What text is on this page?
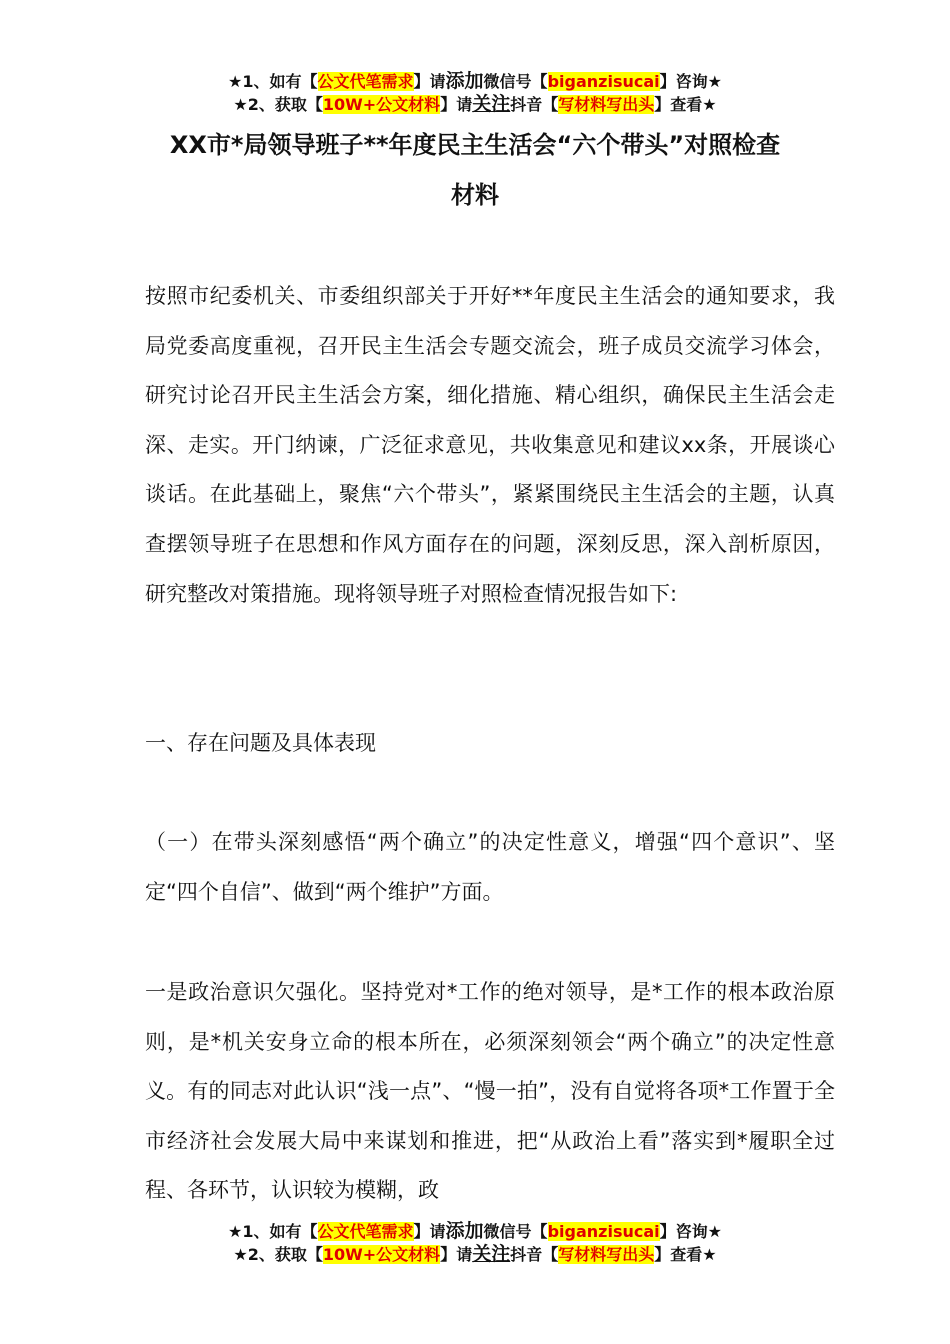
★1、如有【公文代笔需求】请添加微信号【biganzisucai】咨询★
★2、获取【10W+公文材料】请关注抖音【写材料写出头】查看★
XX市*局领导班子**年度民主生活会“六个带头”对照检查
材料
按照市纪委机关、市委组织部关于开好**年度民主生活会的通知要求，我局党委高度重视，召开民主生活会专题交流会，班子成员交流学习体会，研究讨论召开民主生活会方案，细化措施、精心组织，确保民主生活会走深、走实。开门纳谏，广泛征求意见，共收集意见和建议xx条，开展谈心谈话。在此基础上，聚焦“六个带头”，紧紧围绕民主生活会的主题，认真查摆领导班子在思想和作风方面存在的问题，深刻反思，深入剖析原因，研究整改对策措施。现将领导班子对照检查情况报告如下:
一、存在问题及具体表现
（一）在带头深刻感悟“两个确立”的决定性意义，增强“四个意识”、坚定“四个自信”、做到“两个维护”方面。
一是政治意识欠强化。坚持党对*工作的绝对领导，是*工作的根本政治原则，是*机关安身立命的根本所在，必须深刻领会“两个确立”的决定性意义。有的同志对此认识“浅一点”、“慢一拍”，没有自觉将各项*工作置于全市经济社会发展大局中来谋划和推进，把“从政治上看”落实到*履职全过程、各环节，认识较为模糊，政
★1、如有【公文代笔需求】请添加微信号【biganzisucai】咨询★
★2、获取【10W+公文材料】请关注抖音【写材料写出头】查看★
